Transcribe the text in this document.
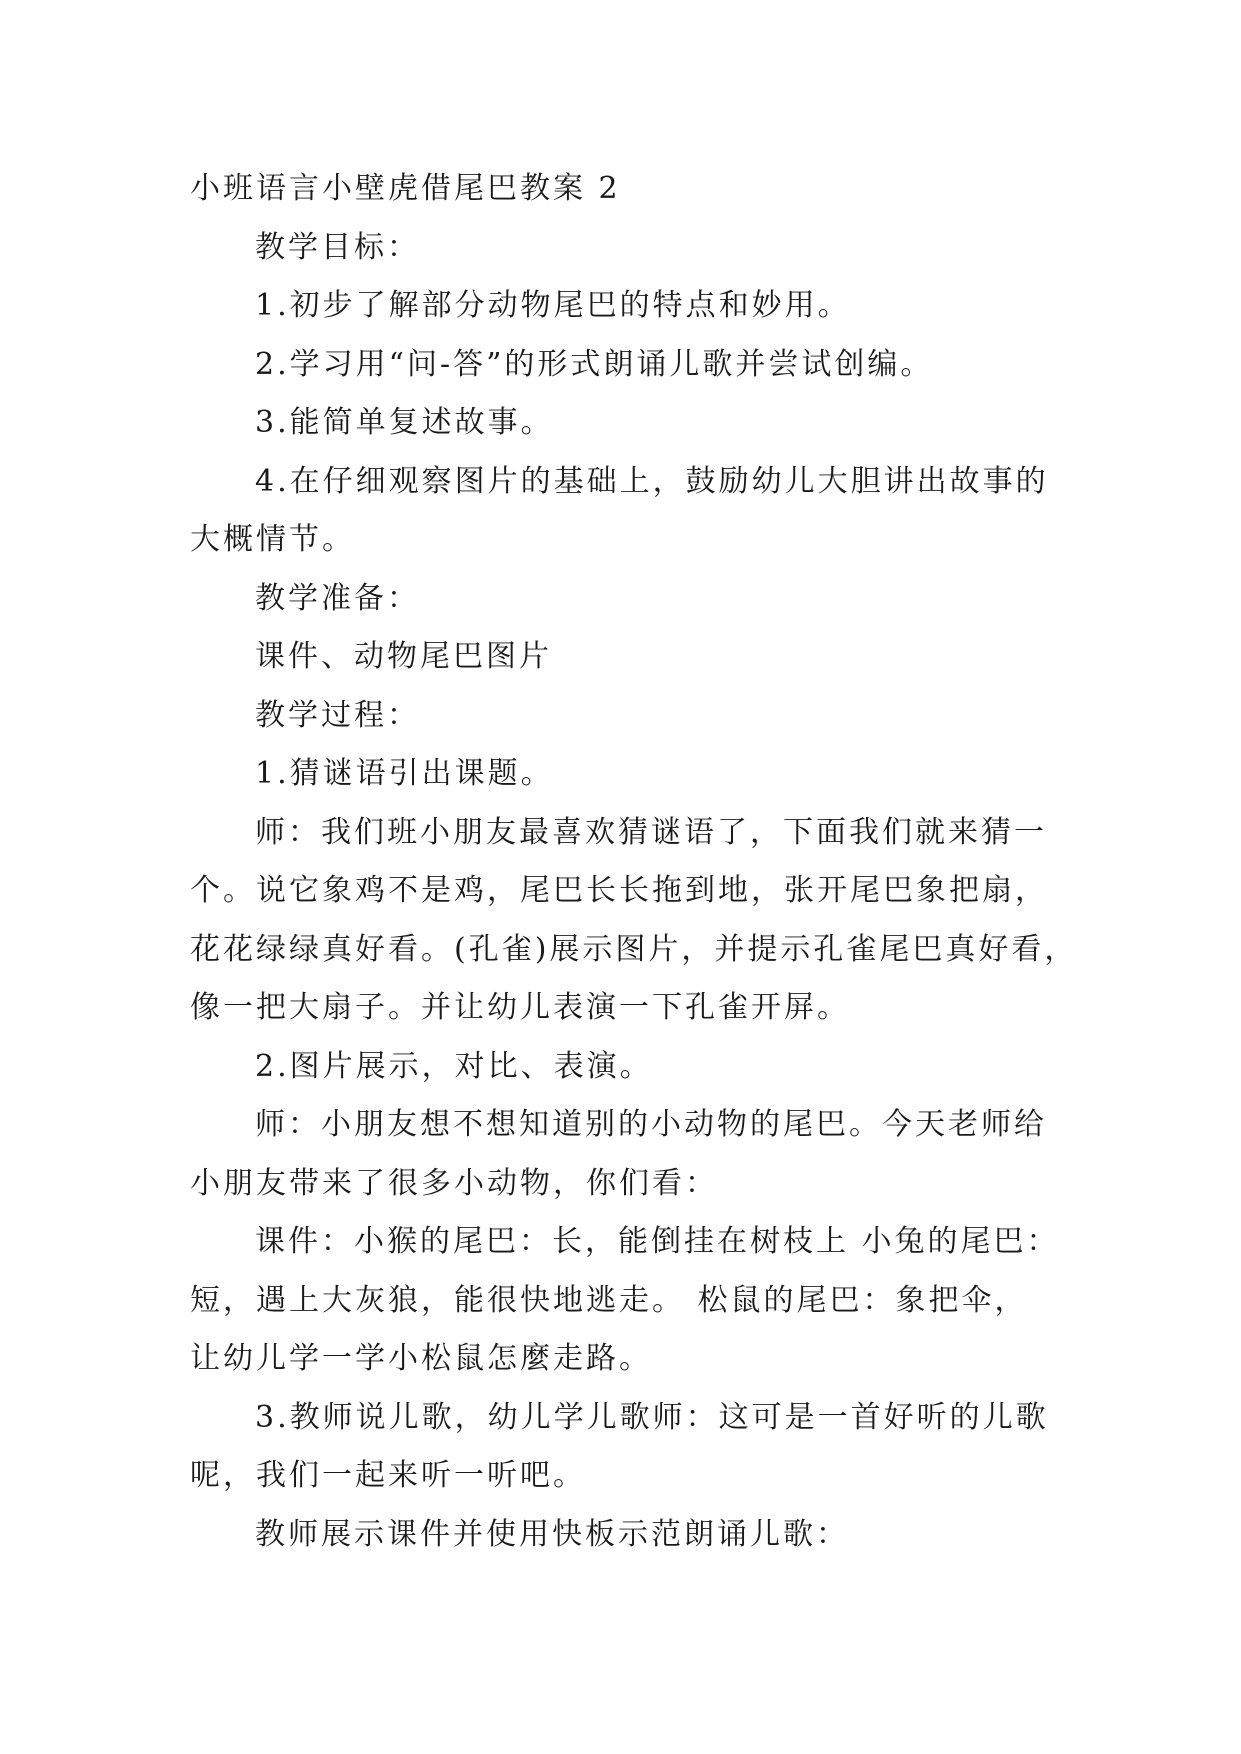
小班语言小壁虎借尾巴教案 2
教学目标：
1.初步了解部分动物尾巴的特点和妙用。
2.学习用“问-答”的形式朗诵儿歌并尝试创编。
3.能简单复述故事。
4.在仔细观察图片的基础上，鼓励幼儿大胆讲出故事的
大概情节。
教学准备：
课件、动物尾巴图片
教学过程：
1.猜谜语引出课题。
师：我们班小朋友最喜欢猜谜语了，下面我们就来猜一
个。说它象鸡不是鸡，尾巴长长拖到地，张开尾巴象把扇，
花花绿绿真好看。(孔雀)展示图片，并提示孔雀尾巴真好看，
像一把大扇子。并让幼儿表演一下孔雀开屏。
2.图片展示，对比、表演。
师：小朋友想不想知道别的小动物的尾巴。今天老师给
小朋友带来了很多小动物，你们看：
课件：小猴的尾巴：长，能倒挂在树枝上 小兔的尾巴：
短，遇上大灰狼，能很快地逃走。 松鼠的尾巴：象把伞，
让幼儿学一学小松鼠怎麼走路。
3.教师说儿歌，幼儿学儿歌师：这可是一首好听的儿歌
呢，我们一起来听一听吧。
教师展示课件并使用快板示范朗诵儿歌：
